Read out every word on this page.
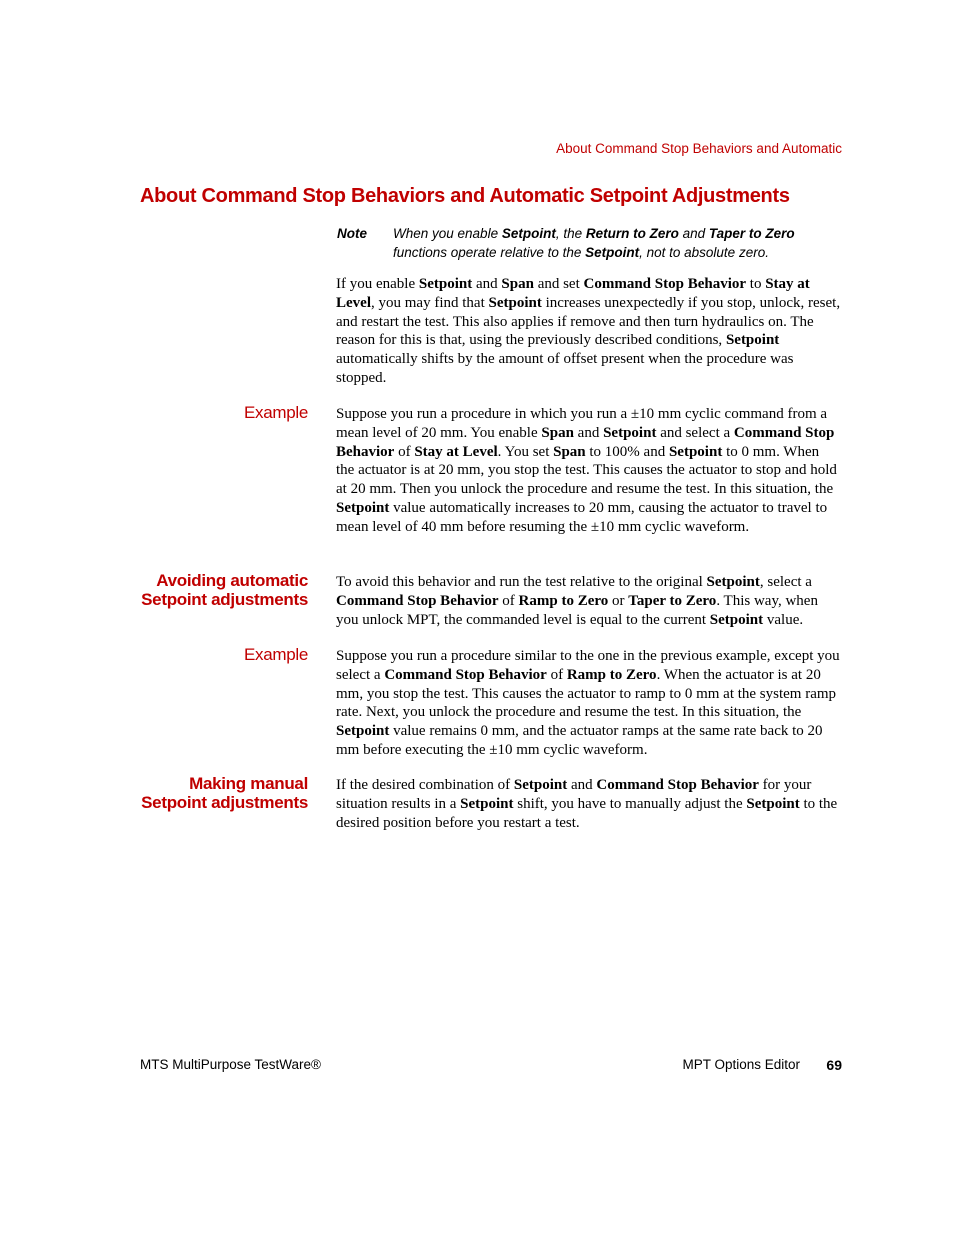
About Command Stop Behaviors and Automatic
About Command Stop Behaviors and Automatic Setpoint Adjustments
Note When you enable Setpoint, the Return to Zero and Taper to Zero functions operate relative to the Setpoint, not to absolute zero.

If you enable Setpoint and Span and set Command Stop Behavior to Stay at Level, you may find that Setpoint increases unexpectedly if you stop, unlock, reset, and restart the test. This also applies if remove and then turn hydraulics on. The reason for this is that, using the previously described conditions, Setpoint automatically shifts by the amount of offset present when the procedure was stopped.

Example Suppose you run a procedure in which you run a ±10 mm cyclic command from a mean level of 20 mm. You enable Span and Setpoint and select a Command Stop Behavior of Stay at Level. You set Span to 100% and Setpoint to 0 mm. When the actuator is at 20 mm, you stop the test. This causes the actuator to stop and hold at 20 mm. Then you unlock the procedure and resume the test. In this situation, the Setpoint value automatically increases to 20 mm, causing the actuator to travel to mean level of 40 mm before resuming the ±10 mm cyclic waveform.

Avoiding automatic
Setpoint adjustments

To avoid this behavior and run the test relative to the original Setpoint, select a Command Stop Behavior of Ramp to Zero or Taper to Zero. This way, when you unlock MPT, the commanded level is equal to the current Setpoint value.

Example Suppose you run a procedure similar to the one in the previous example, except you select a Command Stop Behavior of Ramp to Zero. When the actuator is at 20 mm, you stop the test. This causes the actuator to ramp to 0 mm at the system ramp rate. Next, you unlock the procedure and resume the test. In this situation, the Setpoint value remains 0 mm, and the actuator ramps at the same rate back to 20 mm before executing the ±10 mm cyclic waveform.

Making manual
Setpoint adjustments

If the desired combination of Setpoint and Command Stop Behavior for your situation results in a Setpoint shift, you have to manually adjust the Setpoint to the desired position before you restart a test.

MTS MultiPurpose TestWare®	MPT Options Editor 69
